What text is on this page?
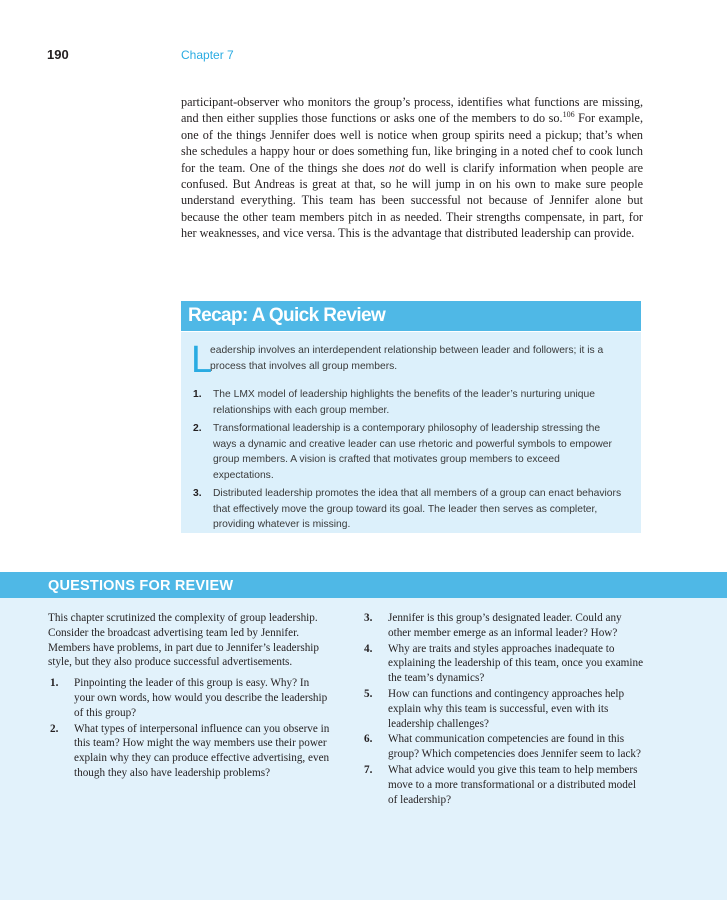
190	Chapter 7

participant-observer who monitors the group’s process, identifies what functions are missing, and then either supplies those functions or asks one of the members to do so.$^{106}$ For example, one of the things Jennifer does well is notice when group spirits need a pickup; that’s when she schedules a happy hour or does something fun, like bringing in a noted chef to cook lunch for the team. One of the things she does not do well is clarify information when people are confused. But Andreas is great at that, so he will jump in on his own to make sure people understand everything. This team has been successful not because of Jennifer alone but because the other team members pitch in as needed. Their strengths compensate, in part, for her weaknesses, and vice versa. This is the advantage that distributed leadership can provide.

Recap: A Quick Review
L
eadership involves an interdependent relationship between leader and followers; it is a process that involves all group members.
1.	The LMX model of leadership highlights the benefits of the leader’s nurturing unique relationships with each group member.
2.	Transformational leadership is a contemporary philosophy of leadership stressing the ways a dynamic and creative leader can use rhetoric and powerful symbols to empower group members. A vision is crafted that motivates group members to exceed expectations.
3.	Distributed leadership promotes the idea that all members of a group can enact behaviors that effectively move the group toward its goal. The leader then serves as completer, providing whatever is missing.
QUESTIONS FOR REVIEW

This chapter scrutinized the complexity of group leadership. Consider the broadcast advertising team led by Jennifer. Members have problems, in part due to Jennifer’s leadership style, but they also produce successful advertisements.

1.	Pinpointing the leader of this group is easy. Why? In your own words, how would you describe the leadership of this group?
2.	What types of interpersonal influence can you observe in this team? How might the way members use their power explain why they can produce effective advertising, even though they also have leadership problems?
3.	Jennifer is this group’s designated leader. Could any other member emerge as an informal leader? How?
4.	Why are traits and styles approaches inadequate to explaining the leadership of this team, once you examine the team’s dynamics?
5.	How can functions and contingency approaches help explain why this team is successful, even with its leadership challenges?
6.	What communication competencies are found in this group? Which competencies does Jennifer seem to lack?
7.	What advice would you give this team to help members move to a more transformational or a distributed model of leadership?
